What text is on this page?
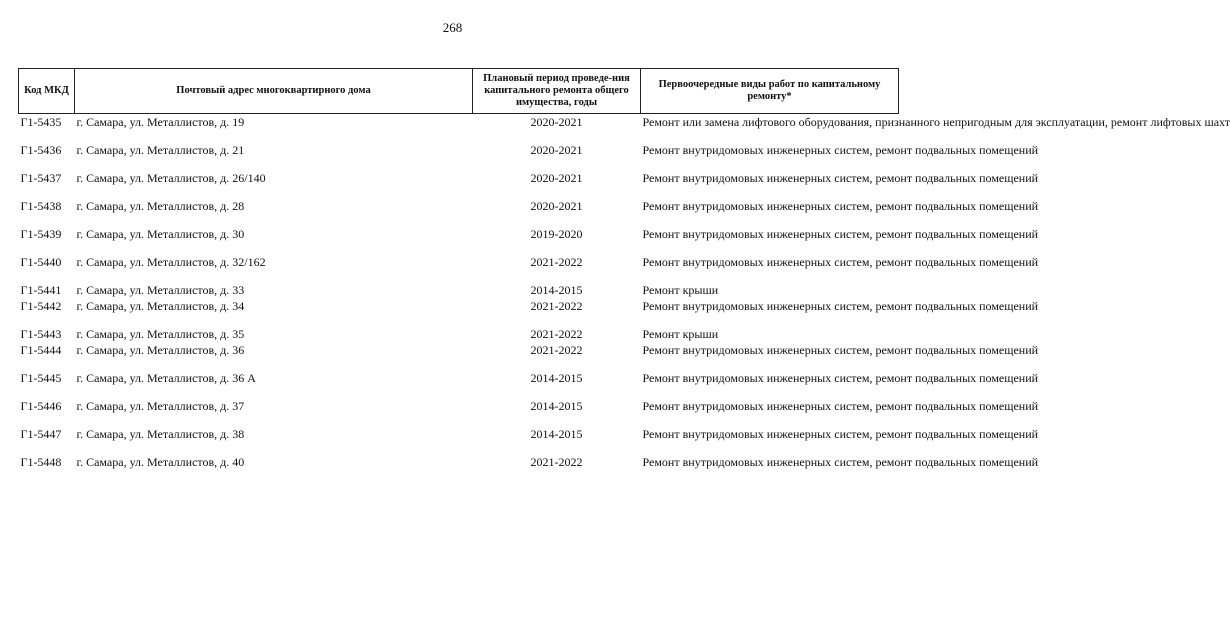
268
Код МКД	Почтовый адрес многоквартирного дома	Плановый период проведе-ния капитального ремонта общего имущества, годы	Первоочередные виды работ по капитальному ремонту*
Г1-5435	г. Самара, ул. Металлистов, д. 19	2020-2021	Ремонт или замена лифтового оборудования, признанного непригодным для эксплуатации, ремонт лифтовых шахт

Г1-5436	г. Самара, ул. Металлистов, д. 21	2020-2021	Ремонт внутридомовых инженерных систем, ремонт подвальных помещений

Г1-5437	г. Самара, ул. Металлистов, д. 26/140	2020-2021	Ремонт внутридомовых инженерных систем, ремонт подвальных помещений

Г1-5438	г. Самара, ул. Металлистов, д. 28	2020-2021	Ремонт внутридомовых инженерных систем, ремонт подвальных помещений

Г1-5439	г. Самара, ул. Металлистов, д. 30	2019-2020	Ремонт внутридомовых инженерных систем, ремонт подвальных помещений

Г1-5440	г. Самара, ул. Металлистов, д. 32/162	2021-2022	Ремонт внутридомовых инженерных систем, ремонт подвальных помещений

Г1-5441	г. Самара, ул. Металлистов, д. 33	2014-2015	Ремонт крыши
Г1-5442	г. Самара, ул. Металлистов, д. 34	2021-2022	Ремонт внутридомовых инженерных систем, ремонт подвальных помещений

Г1-5443	г. Самара, ул. Металлистов, д. 35	2021-2022	Ремонт крыши
Г1-5444	г. Самара, ул. Металлистов, д. 36	2021-2022	Ремонт внутридомовых инженерных систем, ремонт подвальных помещений

Г1-5445	г. Самара, ул. Металлистов, д. 36 А	2014-2015	Ремонт внутридомовых инженерных систем, ремонт подвальных помещений

Г1-5446	г. Самара, ул. Металлистов, д. 37	2014-2015	Ремонт внутридомовых инженерных систем, ремонт подвальных помещений

Г1-5447	г. Самара, ул. Металлистов, д. 38	2014-2015	Ремонт внутридомовых инженерных систем, ремонт подвальных помещений

Г1-5448	г. Самара, ул. Металлистов, д. 40	2021-2022	Ремонт внутридомовых инженерных систем, ремонт подвальных помещений
